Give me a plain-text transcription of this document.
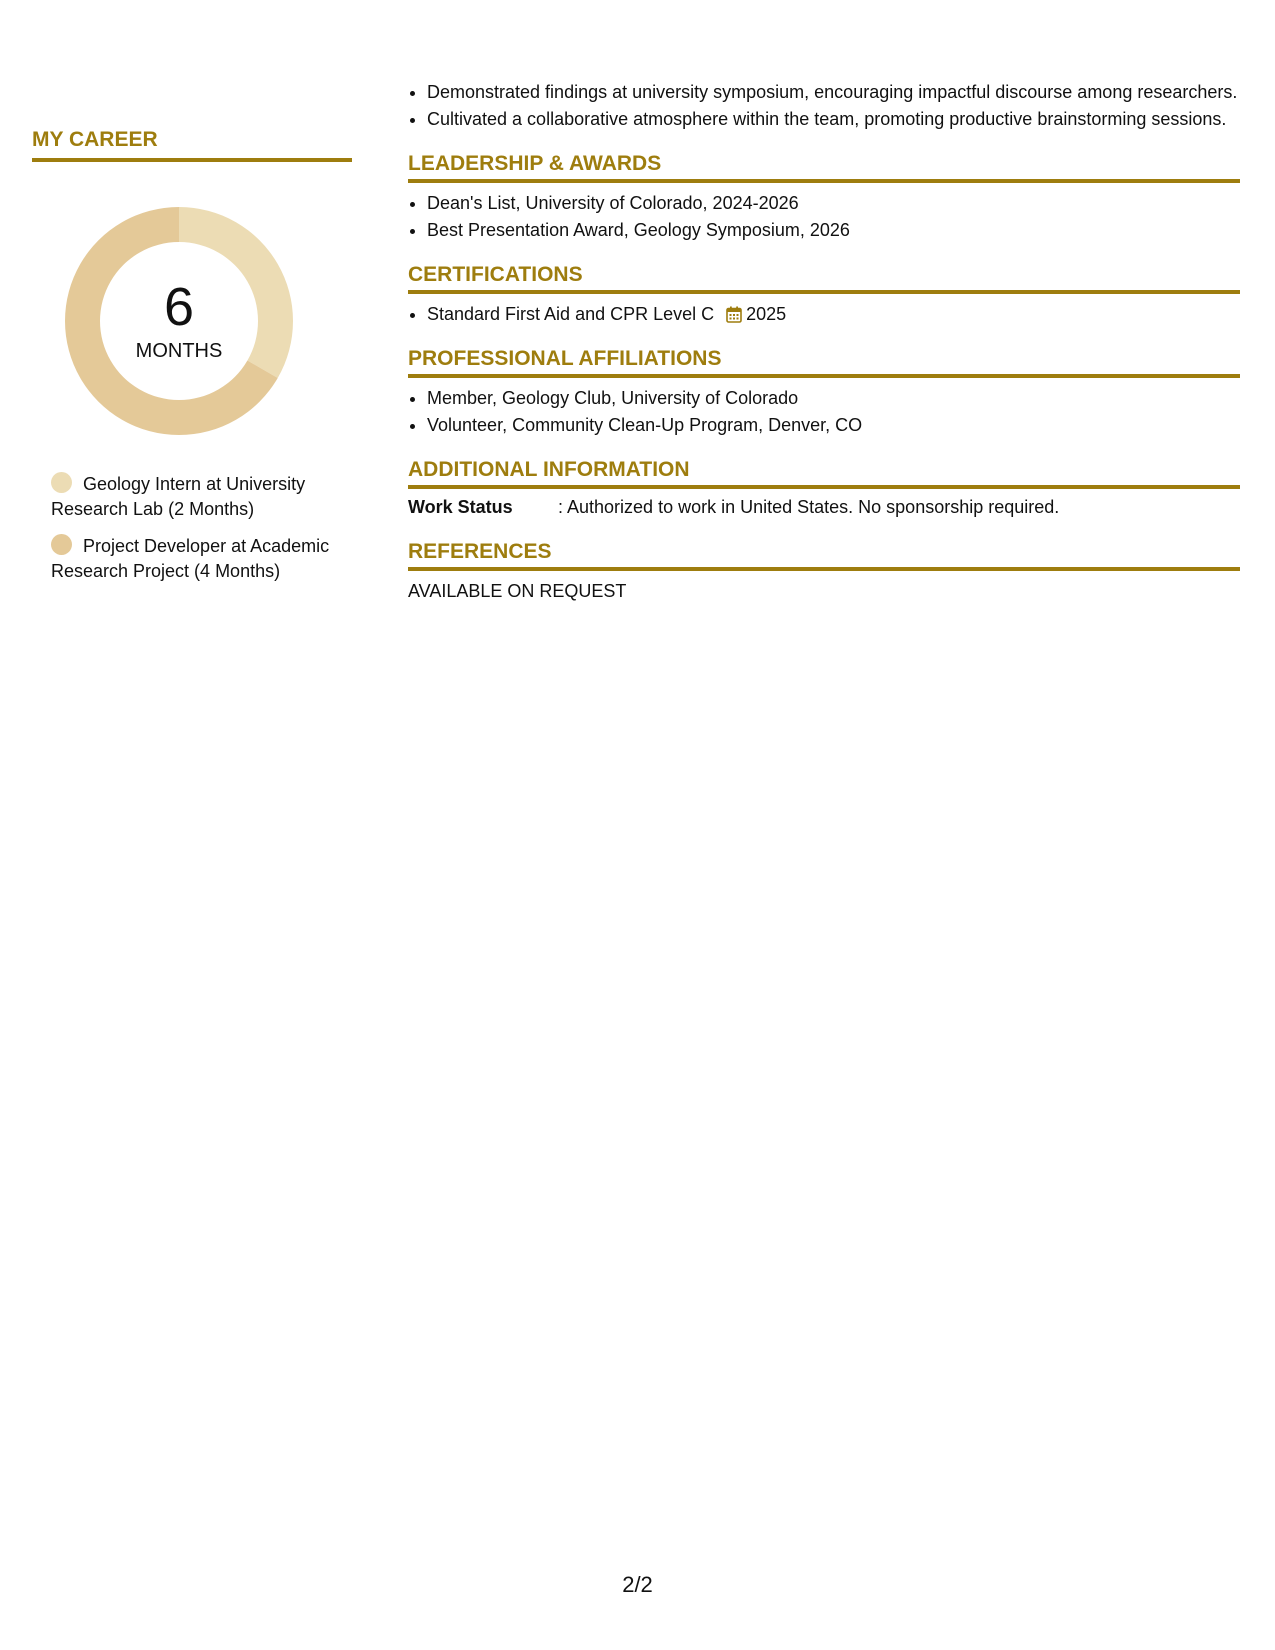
MY CAREER
6
MONTHS
Geology Intern at University Research Lab (2 Months)
Project Developer at Academic Research Project (4 Months)
• Demonstrated findings at university symposium, encouraging impactful discourse among researchers.
• Cultivated a collaborative atmosphere within the team, promoting productive brainstorming sessions.
LEADERSHIP & AWARDS
• Dean's List, University of Colorado, 2024-2026
• Best Presentation Award, Geology Symposium, 2026
CERTIFICATIONS
• Standard First Aid and CPR Level C 2025
PROFESSIONAL AFFILIATIONS
• Member, Geology Club, University of Colorado
• Volunteer, Community Clean-Up Program, Denver, CO
ADDITIONAL INFORMATION
Work Status	: Authorized to work in United States. No sponsorship required.
REFERENCES
AVAILABLE ON REQUEST
2/2
